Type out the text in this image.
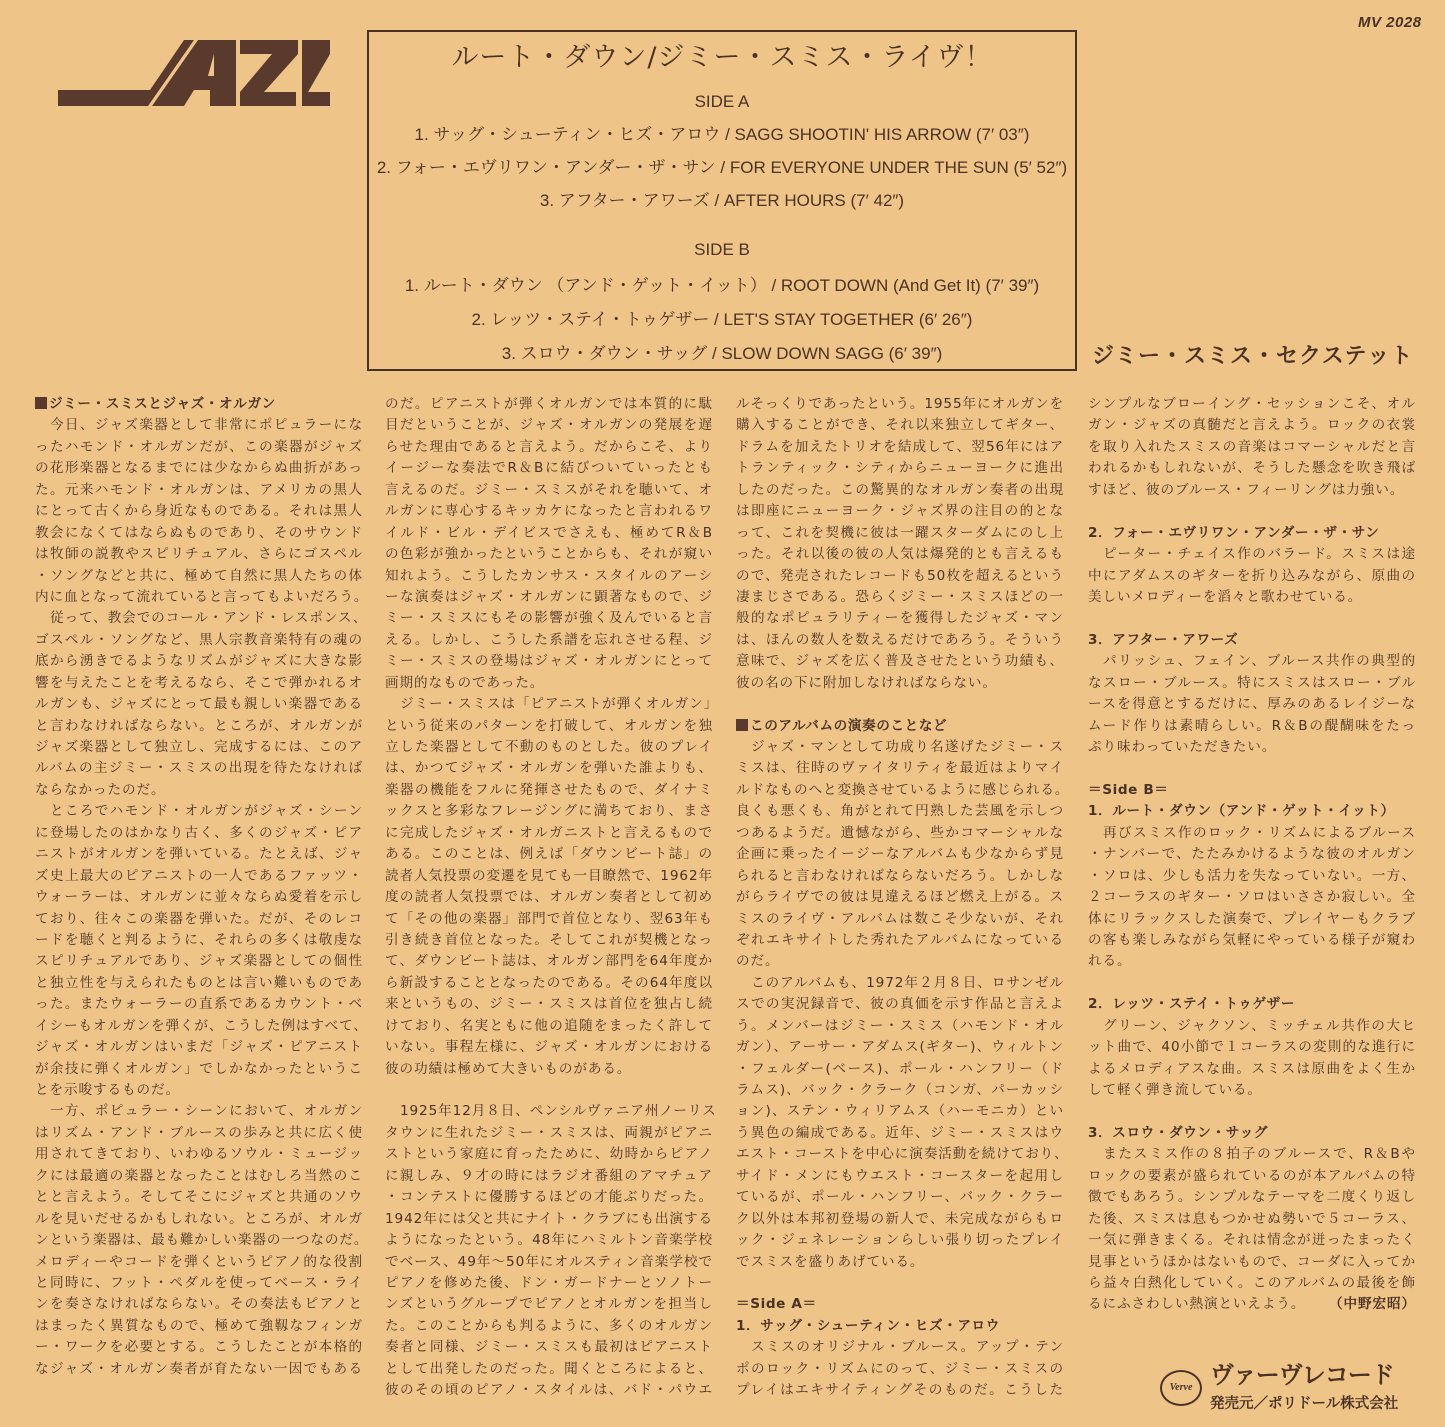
MV 2028
ルート・ダウン/ジミー・スミス・ライヴ！
SIDE A
1. サッグ・シューティン・ヒズ・アロウ / SAGG SHOOTIN' HIS ARROW (7′ 03″)
2. フォー・エヴリワン・アンダー・ザ・サン / FOR EVERYONE UNDER THE SUN (5′ 52″)
3. アフター・アワーズ / AFTER HOURS (7′ 42″)
SIDE B
1. ルート・ダウン （アンド・ゲット・イット） / ROOT DOWN (And Get It) (7′ 39″)
2. レッツ・ステイ・トゥゲザー / LET'S STAY TOGETHER (6′ 26″)
3. スロウ・ダウン・サッグ / SLOW DOWN SAGG (6′ 39″)	ジミー・スミス・セクステット
ジミー・スミスとジャズ・オルガン
今日、ジャズ楽器として非常にポピュラーにな
ったハモンド・オルガンだが、この楽器がジャズ
の花形楽器となるまでには少なからぬ曲折があっ
た。元来ハモンド・オルガンは、アメリカの黒人
にとって古くから身近なものである。それは黒人
教会になくてはならぬものであり、そのサウンド
は牧師の説教やスピリチュアル、さらにゴスペル
・ソングなどと共に、極めて自然に黒人たちの体
内に血となって流れていると言ってもよいだろう。
従って、教会でのコール・アンド・レスポンス、
ゴスペル・ソングなど、黒人宗教音楽特有の魂の
底から湧きでるようなリズムがジャズに大きな影
響を与えたことを考えるなら、そこで弾かれるオ
ルガンも、ジャズにとって最も親しい楽器である
と言わなければならない。ところが、オルガンが
ジャズ楽器として独立し、完成するには、このア
ルバムの主ジミー・スミスの出現を待たなければ
ならなかったのだ。
ところでハモンド・オルガンがジャズ・シーン
に登場したのはかなり古く、多くのジャズ・ピア
ニストがオルガンを弾いている。たとえば、ジャ
ズ史上最大のピアニストの一人であるファッツ・
ウォーラーは、オルガンに並々ならぬ愛着を示し
ており、往々この楽器を弾いた。だが、そのレコ
ードを聴くと判るように、それらの多くは敬虔な
スピリチュアルであり、ジャズ楽器としての個性
と独立性を与えられたものとは言い難いものであ
った。またウォーラーの直系であるカウント・ベ
イシーもオルガンを弾くが、こうした例はすべて、
ジャズ・オルガンはいまだ「ジャズ・ピアニスト
が余技に弾くオルガン」でしかなかったというこ
とを示唆するものだ。
一方、ポピュラー・シーンにおいて、オルガン
はリズム・アンド・ブルースの歩みと共に広く使
用されてきており、いわゆるソウル・ミュージッ
クには最適の楽器となったことはむしろ当然のこ
とと言えよう。そしてそこにジャズと共通のソウ
ルを見いだせるかもしれない。ところが、オルガ
ンという楽器は、最も難かしい楽器の一つなのだ。
メロディーやコードを弾くというピアノ的な役割
と同時に、フット・ペダルを使ってベース・ライ
ンを奏さなければならない。その奏法もピアノと
はまったく異質なもので、極めて強靱なフィンガ
ー・ワークを必要とする。こうしたことが本格的
なジャズ・オルガン奏者が育たない一因でもある
のだ。ピアニストが弾くオルガンでは本質的に駄
目だということが、ジャズ・オルガンの発展を遅
らせた理由であると言えよう。だからこそ、より
イージーな奏法でR＆Bに結びついていったとも
言えるのだ。ジミー・スミスがそれを聴いて、オ
ルガンに専心するキッカケになったと言われるワ
イルド・ビル・デイビスでさえも、極めてR＆B
の色彩が強かったということからも、それが窺い
知れよう。こうしたカンサス・スタイルのアーシ
ーな演奏はジャズ・オルガンに顕著なもので、ジ
ミー・スミスにもその影響が強く及んでいると言
える。しかし、こうした系譜を忘れさせる程、ジ
ミー・スミスの登場はジャズ・オルガンにとって
画期的なものであった。
ジミー・スミスは「ピアニストが弾くオルガン」
という従来のパターンを打破して、オルガンを独
立した楽器として不動のものとした。彼のプレイ
は、かつてジャズ・オルガンを弾いた誰よりも、
楽器の機能をフルに発揮させたもので、ダイナミ
ックスと多彩なフレージングに満ちており、まさ
に完成したジャズ・オルガニストと言えるもので
ある。このことは、例えば「ダウンビート誌」の
読者人気投票の変遷を見ても一目瞭然で、1962年
度の読者人気投票では、オルガン奏者として初め
て「その他の楽器」部門で首位となり、翌63年も
引き続き首位となった。そしてこれが契機となっ
て、ダウンビート誌は、オルガン部門を64年度か
ら新設することとなったのである。その64年度以
来というもの、ジミー・スミスは首位を独占し続
けており、名実ともに他の追随をまったく許して
いない。事程左様に、ジャズ・オルガンにおける
彼の功績は極めて大きいものがある。
1925年12月８日、ペンシルヴァニア州ノーリス
タウンに生れたジミー・スミスは、両親がピアニ
ストという家庭に育ったために、幼時からピアノ
に親しみ、９才の時にはラジオ番組のアマチュア
・コンテストに優勝するほどの才能ぶりだった。
1942年には父と共にナイト・クラブにも出演する
ようになったという。48年にハミルトン音楽学校
でベース、49年～50年にオルスティン音楽学校で
ピアノを修めた後、ドン・ガードナーとソノトー
ンズというグループでピアノとオルガンを担当し
た。このことからも判るように、多くのオルガン
奏者と同様、ジミー・スミスも最初はピアニスト
として出発したのだった。聞くところによると、
彼のその頃のピアノ・スタイルは、バド・パウエ
ルそっくりであったという。1955年にオルガンを
購入することができ、それ以来独立してギター、
ドラムを加えたトリオを結成して、翌56年にはア
トランティック・シティからニューヨークに進出
したのだった。この驚異的なオルガン奏者の出現
は即座にニューヨーク・ジャズ界の注目の的とな
って、これを契機に彼は一躍スターダムにのし上
った。それ以後の彼の人気は爆発的とも言えるも
ので、発売されたレコードも50枚を超えるという
凄まじさである。恐らくジミー・スミスほどの一
般的なポピュラリティーを獲得したジャズ・マン
は、ほんの数人を数えるだけであろう。そういう
意味で、ジャズを広く普及させたという功績も、
彼の名の下に附加しなければならない。
このアルバムの演奏のことなど
ジャズ・マンとして功成り名遂げたジミー・ス
ミスは、往時のヴァイタリティを最近はよりマイ
ルドなものへと変換させているように感じられる。
良くも悪くも、角がとれて円熟した芸風を示しつ
つあるようだ。遺憾ながら、些かコマーシャルな
企画に乗ったイージーなアルバムも少なからず見
られると言わなければならないだろう。しかしな
がらライヴでの彼は見違えるほど燃え上がる。ス
ミスのライヴ・アルバムは数こそ少ないが、それ
ぞれエキサイトした秀れたアルバムになっている
のだ。
このアルバムも、1972年２月８日、ロサンゼル
スでの実況録音で、彼の真価を示す作品と言えよ
う。メンバーはジミー・スミス（ハモンド・オル
ガン）、アーサー・アダムス(ギター)、ウィルトン
・フェルダー(ベース)、ポール・ハンフリー（ド
ラムス)、バック・クラーク（コンガ、パーカッシ
ョン)、ステン・ウィリアムス（ハーモニカ）とい
う異色の編成である。近年、ジミー・スミスはウ
エスト・コーストを中心に演奏活動を続けており、
サイド・メンにもウエスト・コースターを起用し
ているが、ポール・ハンフリー、バック・クラー
ク以外は本邦初登場の新人で、未完成ながらもロ
ック・ジェネレーションらしい張り切ったプレイ
でスミスを盛りあげている。
＝Side A＝
1．サッグ・シューティン・ヒズ・アロウ
スミスのオリジナル・ブルース。アップ・テン
ポのロック・リズムにのって、ジミー・スミスの
プレイはエキサイティングそのものだ。こうした
シンプルなブローイング・セッションこそ、オル
ガン・ジャズの真髄だと言えよう。ロックの衣裳
を取り入れたスミスの音楽はコマーシャルだと言
われるかもしれないが、そうした懸念を吹き飛ば
すほど、彼のブルース・フィーリングは力強い。
2．フォー・エヴリワン・アンダー・ザ・サン
ピーター・チェイス作のバラード。スミスは途
中にアダムスのギターを折り込みながら、原曲の
美しいメロディーを滔々と歌わせている。
3．アフター・アワーズ
パリッシュ、フェイン、ブルース共作の典型的
なスロー・ブルース。特にスミスはスロー・ブル
ースを得意とするだけに、厚みのあるレイジーな
ムード作りは素晴らしい。R＆Bの醍醐味をたっ
ぷり味わっていただきたい。
＝Side B＝
1．ルート・ダウン（アンド・ゲット・イット）
再びスミス作のロック・リズムによるブルース
・ナンバーで、たたみかけるような彼のオルガン
・ソロは、少しも活力を失なっていない。一方、
２コーラスのギター・ソロはいささか寂しい。全
体にリラックスした演奏で、プレイヤーもクラブ
の客も楽しみながら気軽にやっている様子が窺わ
れる。
2．レッツ・ステイ・トゥゲザー
グリーン、ジャクソン、ミッチェル共作の大ヒ
ット曲で、40小節で１コーラスの変則的な進行に
よるメロディアスな曲。スミスは原曲をよく生か
して軽く弾き流している。
3．スロウ・ダウン・サッグ
またスミス作の８拍子のブルースで、R＆Bや
ロックの要素が盛られているのが本アルバムの特
徴でもあろう。シンプルなテーマを二度くり返し
た後、スミスは息もつかせぬ勢いで５コーラス、
一気に弾きまくる。それは情念が迸ったまったく
見事というほかはないもので、コーダに入ってか
ら益々白熱化していく。このアルバムの最後を飾
るにふさわしい熱演といえよう。 （中野宏昭）
Verve ヴァーヴレコード
発売元／ポリドール株式会社
